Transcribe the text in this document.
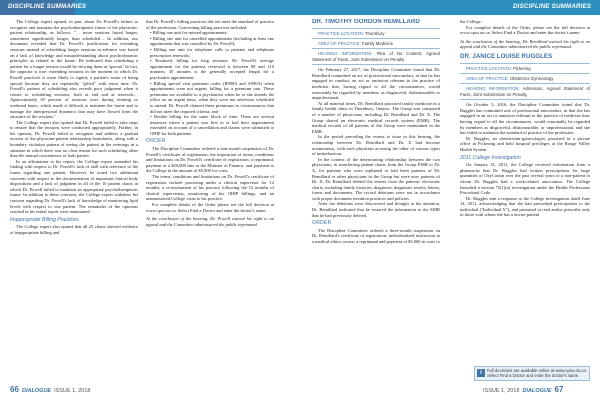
DISCIPLINE SUMMARIES	DISCIPLINE SUMMARIES

The College expert opined, in part, about Dr. Powell's failure to recognize and maintain the psychotherapeutic frame of the physician-patient relationship, as follows: "… more sessions lasted longer, sometimes significantly longer, than scheduled… In addition, our document revealed that Dr. Powell's justification for extending sessions instead of scheduling longer sessions in advance was based on a lack of knowledge and misunderstanding about psychodynamic principles as related to the frame. He indicated that scheduling a patient for a longer session would be viewing them as 'special.' In fact, the opposite is true: extending sessions in the moment in which Dr. Powell practices is more likely to signify a patient's sense of being special because they are repeatedly "gifted" with extra time. Dr. Powell's pattern of scheduling also reveals poor judgment when it comes to scheduling sessions, both at end and at intervals… Approximately 65 percent of sessions were during evening or weekend hours, which made it difficult to maintain the frame and to manage the interpersonal dynamics that may have flowed from the structure of the sessions."

The College expert also opined that Dr. Powell failed to take steps to ensure that the sessions were conducted appropriately. Further, in his opinion, Dr. Powell failed to recognize and address a gradual erosion of the physician-patient relationship boundaries, along with a boundary violation pattern of seeing the patient in the evenings in a situation in which there was no clear reason for such scheduling other than the mutual convenience of both parties.

In an affirmation to his report, the College expert amended his finding with respect to Dr. Powell's lack of skill with reference to the frame regarding one patient. However, he noted two additional concerns with respect to the documentation of important clinical body dispositions and a lack of judgment in all of the 10 patient charts in which Dr. Powell failed to maintain an appropriate psychotherapeutic frame. In addition to these concerns, the College expert withdrew his concern regarding Dr. Powell's lack of knowledge of monitoring lipid levels with respect to one patient. The remainder of the opinions reached in his initial report were maintained.

Inappropriate Billing Practices

The College expert also opined that all 25 charts showed evidence of inappropriate billing and

that Dr. Powell's billing practices did not meet the standard of practice of the profession. Concerning billing practices included:

• Billing one unit for missed appointments;
• Billing one unit for cancelled appointments (including at least one appointment that was cancelled by Dr. Powell);
• Billing one unit for telephone calls to patients and telephone prescription renewals;
• Routinely billing for long sessions: Dr. Powell's average appointment for the patients reviewed is between 80 and 110 minutes; 30 minutes is the generally accepted length for a psychiatric appointment;
• Billing special visit premium codes (B990A and A990A) when appointments were not urgent; billing for a premium rate. These premiums are available to a psychiatrist when he or she attends the office on an urgent basis, when they were not otherwise scheduled to attend. Dr. Powell claimed these premiums in circumstances that did not meet the required criteria; and
• Double billing for the same block of time. There are several instances where a patient was first in or had their appointment extended on account of a cancellation and claims were submitted to OHIP for both patients.
ORDER

The Discipline Committee ordered a four-month suspension of Dr. Powell's certificate of registration; the imposition of terms, conditions and limitations on Dr. Powell's certificate of registration, a reprimand; payment of a $20,000 fine to the Minister of Finance, and payment to the College in the amount of $5,000 for costs.

The terms, conditions and limitations on Dr. Powell's certificate of registration include practising under a clinical supervisor for 12 months, a re-assessment of his practice following the 12 months of clinical supervision, monitoring of his OHIP billings, and an unannounced College visits to his practice.

For complete details of the Order please see the full decision at www.cpso.on.ca. Select Find a Doctor and enter the doctor's name.

At the conclusion of the hearing, Dr. Powell waived his right to an appeal and the Committee administered the public reprimand.

DR. TIMOTHY GORDON REMILLARD

PRACTICE LOCATION: Thornbury

AREA OF PRACTICE: Family Medicine

HEARING INFORMATION: Plea of No Contest, Agreed Statement of Facts, Joint Submission on Penalty

On February 27, 2017, the Discipline Committee found that Dr. Remillard committed an act of professional misconduct, in that he has engaged in conduct, an act or omission relevant to the practice of medicine that, having regard to all the circumstances, would reasonably be regarded by members as disgraceful, dishonourable or unprofessional.

At all material times, Dr. Remillard practised family medicine in a family health clinic in Thornbury, Ontario. The Group was composed of a number of physicians, including Dr. Remillard and Dr. X. The Group shared an electronic medical records system (EMR). The medical records of all patients of the Group were maintained in the EMR.

In the period preceding the events at issue in this hearing, the relationship between Dr. Remillard and Dr. X had become acrimonious, with each physician accusing the other of various types of misbehaviour.

In the context of the deteriorating relationship between the two physicians, in transferring patient charts from the Group EMR to Dr. X, for patients who were orphaned or had been patients of Dr. Remillard or other physicians in the Group but were now patients of Dr. X, Dr. Remillard deleted the entries from the patients' electronic charts, including family histories, diagnoses, diagnostic results, letters, forms and documents. The record deletions were not in accordance with proper document retention practices and policies.

After the deletions were discovered and brought to his attention, Dr. Remillard indicated that he restored the information to the EMR that he had previously deleted.

ORDER

The Discipline Committee ordered a three-month suspension on Dr. Remillard's certificate of registration; individualized instruction in a medical ethics course; a reprimand and payment of $5,000 in costs to

the College.

For complete details of the Order, please see the full decision at www.cpso.on.ca. Select Find a Doctor and enter the doctor's name.

At the conclusion of the hearing, Dr. Remillard waived his right to an appeal and the Committee administered the public reprimand.

DR. JANICE LOUISE RUGGLES

PRACTICE LOCATION: Pickering

AREA OF PRACTICE: Obstetrics-Gynecology

HEARING INFORMATION: Admission, Agreed Statement of Facts, Joint Submission on Penalty

On October 5, 2016, the Discipline Committee found that Dr. Ruggles has committed acts of professional misconduct, in that she has engaged in an act or omission relevant to the practice of medicine that, having regard to all the circumstances, would reasonably be regarded by members as disgraceful, dishonourable, or unprofessional, and she has failed to maintain the standard of practice of the profession.

Dr. Ruggles, an obstetrician-gynecologist, practised in a private office in Pickering and held hospital privileges at the Rouge Valley Health System.

2011 College Investigation

On January 31, 2011, the College received information from a pharmacist that Dr. Ruggles had written prescriptions for large quantities of OxyContin over the past several years to a non-patient to whom Dr. Ruggles had a work-related association. The College launched a section 75(1)(a) investigation under the Health Professions Procedural Code.

Dr. Ruggles sent a response to the College investigation dated June 14, 2011, acknowledging that she had prescribed prescriptions to the individual ("Individual Y"), and promised to read and/or prescribe only to those with whom she has a doctor-patient

i	Full decisions are available online at www.cpso.on.ca. Select Find a Doctor and enter the doctor's name.
66 DIALOGUE ISSUE 1, 2018	ISSUE 1, 2018 DIALOGUE 67
